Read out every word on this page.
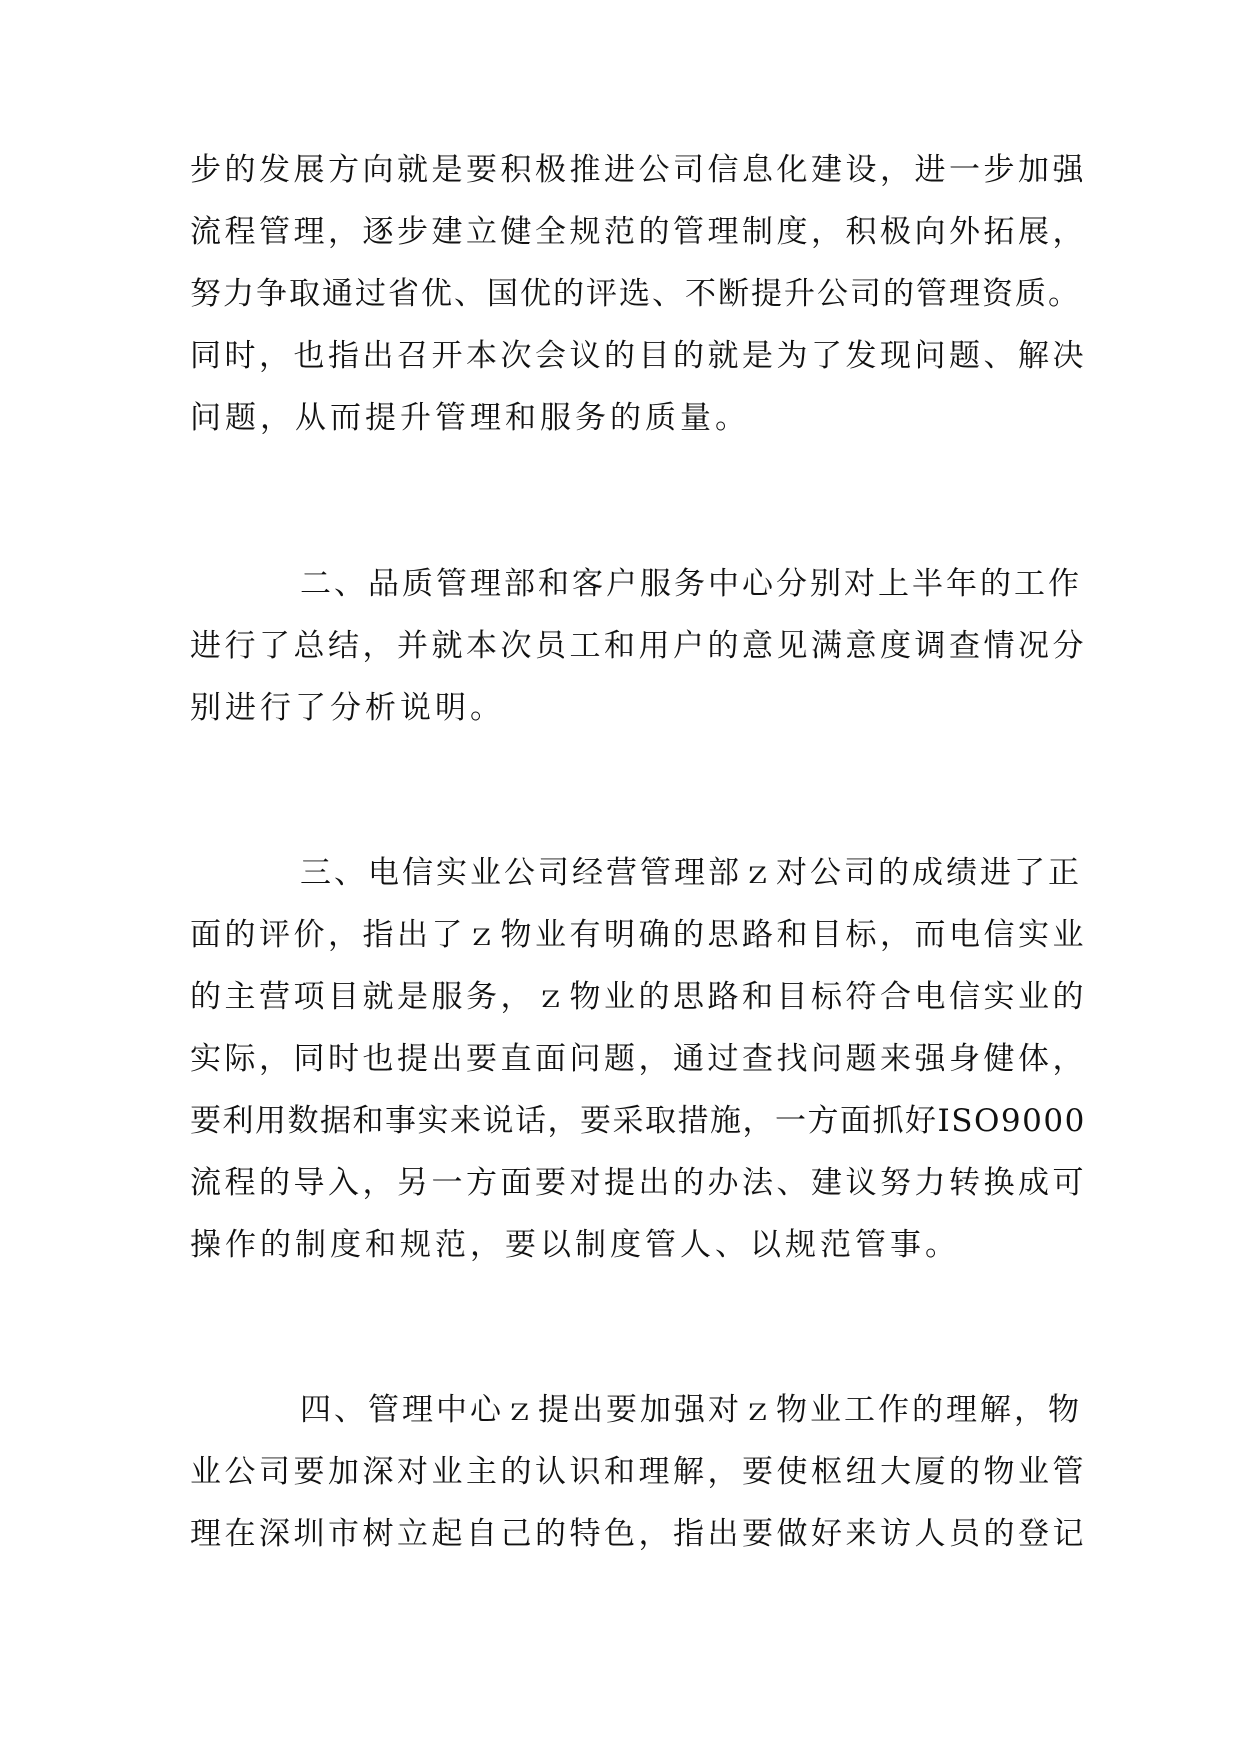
步的发展方向就是要积极推进公司信息化建设，进一步加强
流程管理，逐步建立健全规范的管理制度，积极向外拓展，
努力争取通过省优、国优的评选、不断提升公司的管理资质。
同时，也指出召开本次会议的目的就是为了发现问题、解决
问题，从而提升管理和服务的质量。
二、品质管理部和客户服务中心分别对上半年的工作
进行了总结，并就本次员工和用户的意见满意度调查情况分
别进行了分析说明。
三、电信实业公司经营管理部ｚ对公司的成绩进了正
面的评价，指出了ｚ物业有明确的思路和目标，而电信实业
的主营项目就是服务，ｚ物业的思路和目标符合电信实业的
实际，同时也提出要直面问题，通过查找问题来强身健体，
要利用数据和事实来说话，要采取措施，一方面抓好ISO9000
流程的导入，另一方面要对提出的办法、建议努力转换成可
操作的制度和规范，要以制度管人、以规范管事。
四、管理中心ｚ提出要加强对ｚ物业工作的理解，物
业公司要加深对业主的认识和理解，要使枢纽大厦的物业管
理在深圳市树立起自己的特色，指出要做好来访人员的登记
